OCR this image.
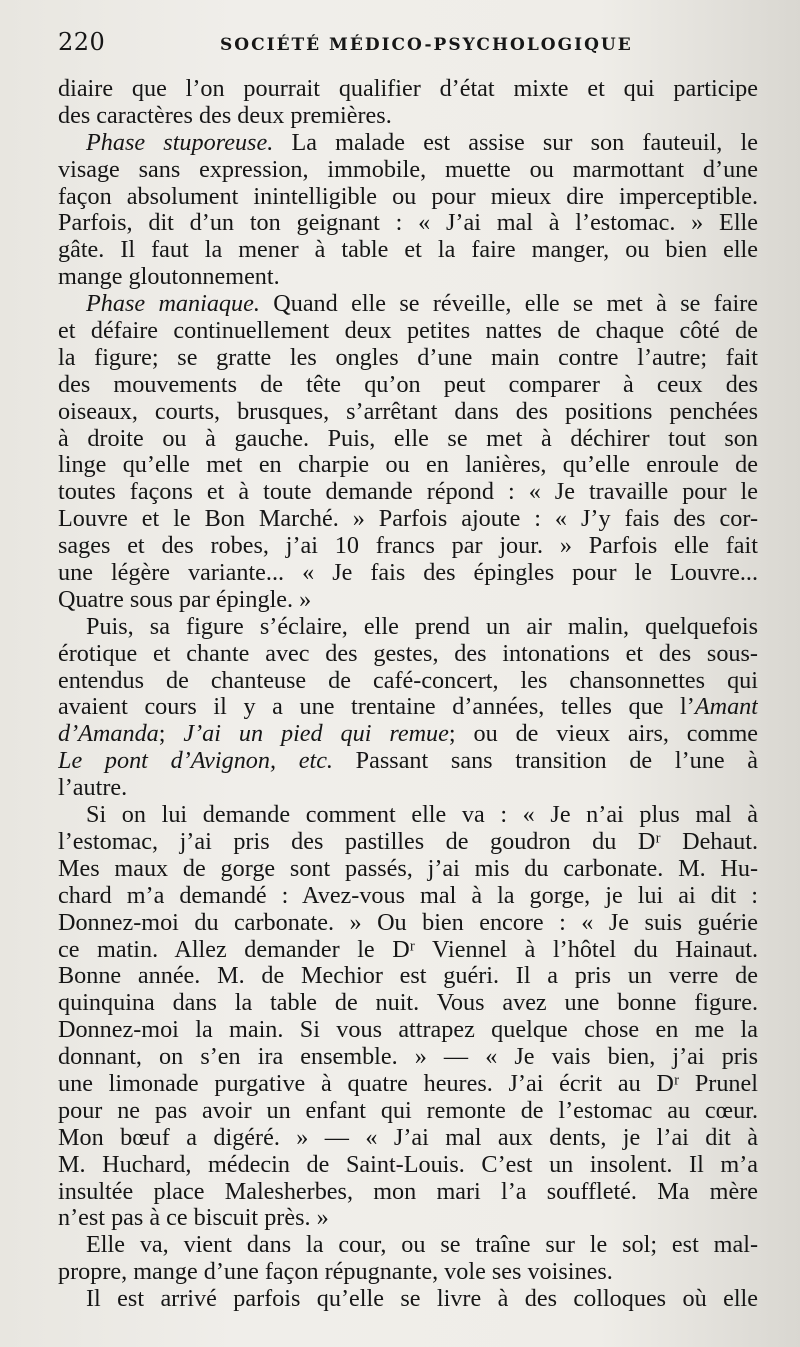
220	SOCIÉTÉ MÉDICO-PSYCHOLOGIQUE
diaire que l’on pourrait qualifier d’état mixte et qui participe
des caractères des deux premières.
Phase stuporeuse. La malade est assise sur son fauteuil, le
visage sans expression, immobile, muette ou marmottant d’une
façon absolument inintelligible ou pour mieux dire imperceptible.
Parfois, dit d’un ton geignant : « J’ai mal à l’estomac. » Elle
gâte. Il faut la mener à table et la faire manger, ou bien elle
mange gloutonnement.
Phase maniaque. Quand elle se réveille, elle se met à se faire
et défaire continuellement deux petites nattes de chaque côté de
la figure; se gratte les ongles d’une main contre l’autre; fait
des mouvements de tête qu’on peut comparer à ceux des
oiseaux, courts, brusques, s’arrêtant dans des positions penchées
à droite ou à gauche. Puis, elle se met à déchirer tout son
linge qu’elle met en charpie ou en lanières, qu’elle enroule de
toutes façons et à toute demande répond : « Je travaille pour le
Louvre et le Bon Marché. » Parfois ajoute : « J’y fais des cor-
sages et des robes, j’ai 10 francs par jour. » Parfois elle fait
une légère variante... « Je fais des épingles pour le Louvre...
Quatre sous par épingle. »
Puis, sa figure s’éclaire, elle prend un air malin, quelquefois
érotique et chante avec des gestes, des intonations et des sous-
entendus de chanteuse de café-concert, les chansonnettes qui
avaient cours il y a une trentaine d’années, telles que l’Amant
d’Amanda; J’ai un pied qui remue; ou de vieux airs, comme
Le pont d’Avignon, etc. Passant sans transition de l’une à
l’autre.
Si on lui demande comment elle va : « Je n’ai plus mal à
l’estomac, j’ai pris des pastilles de goudron du Dʳ Dehaut.
Mes maux de gorge sont passés, j’ai mis du carbonate. M. Hu-
chard m’a demandé : Avez-vous mal à la gorge, je lui ai dit :
Donnez-moi du carbonate. » Ou bien encore : « Je suis guérie
ce matin. Allez demander le Dʳ Viennel à l’hôtel du Hainaut.
Bonne année. M. de Mechior est guéri. Il a pris un verre de
quinquina dans la table de nuit. Vous avez une bonne figure.
Donnez-moi la main. Si vous attrapez quelque chose en me la
donnant, on s’en ira ensemble. » — « Je vais bien, j’ai pris
une limonade purgative à quatre heures. J’ai écrit au Dʳ Prunel
pour ne pas avoir un enfant qui remonte de l’estomac au cœur.
Mon bœuf a digéré. » — « J’ai mal aux dents, je l’ai dit à
M. Huchard, médecin de Saint-Louis. C’est un insolent. Il m’a
insultée place Malesherbes, mon mari l’a souffleté. Ma mère
n’est pas à ce biscuit près. »
Elle va, vient dans la cour, ou se traîne sur le sol; est mal-
propre, mange d’une façon répugnante, vole ses voisines.
Il est arrivé parfois qu’elle se livre à des colloques où elle
